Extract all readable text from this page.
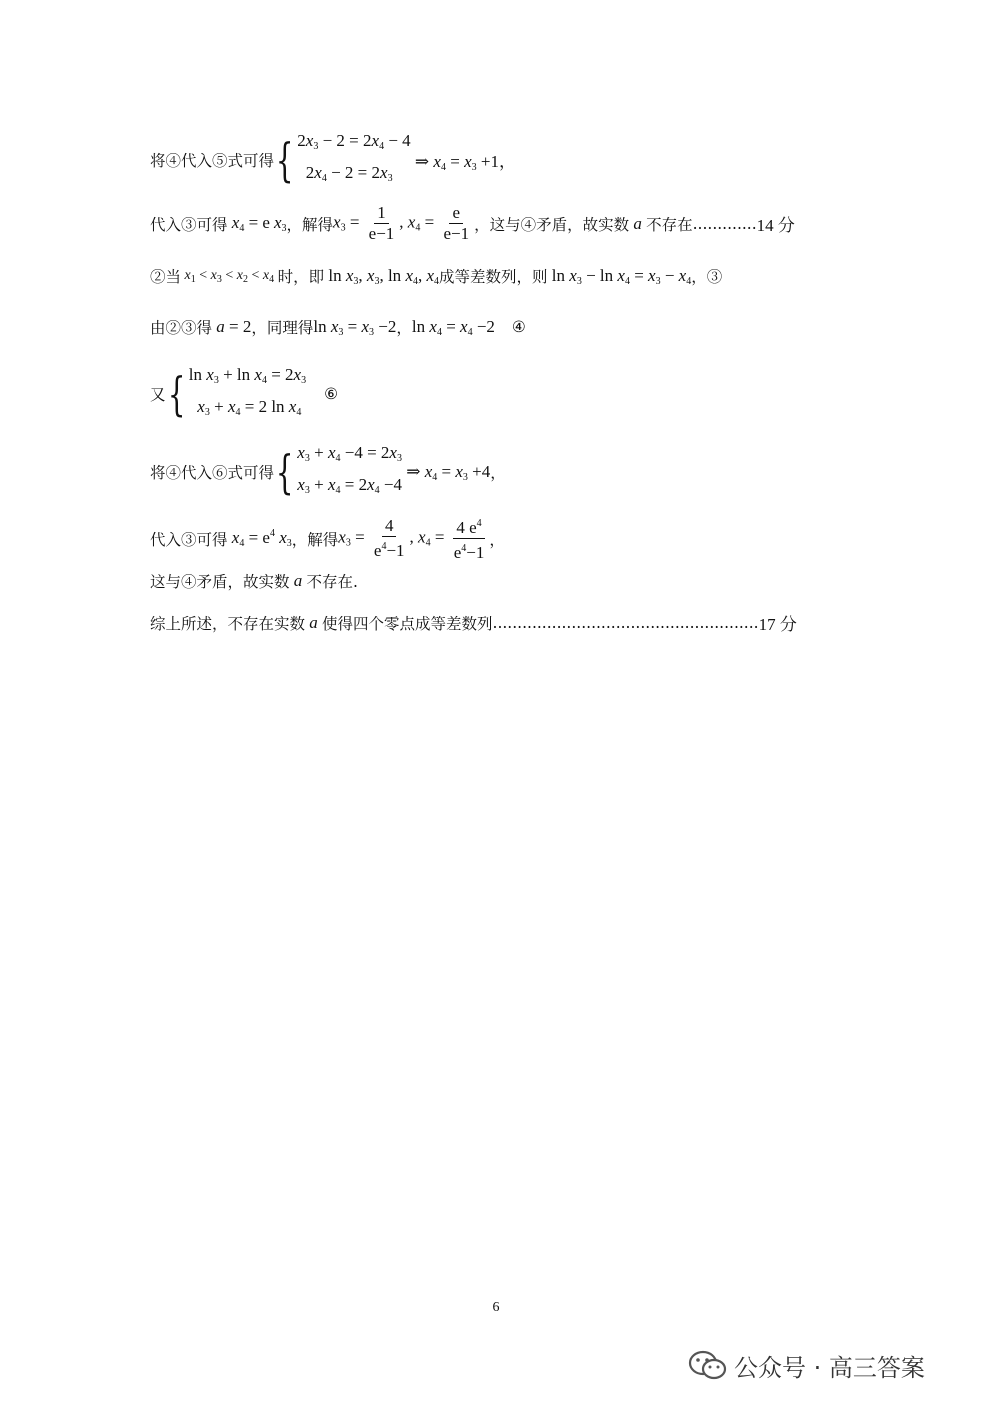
将④代入⑤式可得 { $2x_3 - 2 = 2x_4 - 4$
$2x_4 - 2 = 2x_3$
⇒ $x_4 = x_3 +1$，
代入③可得 $x_4 = e$ $x_3$ ，解得 $x_3 = \frac{1}{e-1}$ , $x_4 = \frac{e}{e-1}$ ，这与④矛盾，故实数 a 不存在 ............. 14 分
②当 $x_1 < x_3 < x_2 < x_4$ 时，即 $\ln x_3$, $x_3$, $\ln x_4$, $x_4$ 成等差数列，则 $\ln x_3 - \ln x_4 = x_3 - x_4$ ，③
由②③得 a = 2 ，同理得 $\ln x_3 = x_3 -2$ ， $\ln x_4 = x_4 -2$ ④
又 { $\ln x_3 + \ln x_4 = 2x_3$
$x_3 + x_4 = 2$ $\ln x_4$
⑥
将④代入⑥式可得 { $x_3 + x_4 -4 = 2x_3$
$x_3 + x_4 = 2x_4 -4$
⇒ $x_4 = x_3 +4$ ，
代入③可得 $x_4 = e^4$ $x_3$ ，解得 $x_3 = \frac{4}{e^4-1}$ , $x_4 = \frac{4 e^4}{e^4-1}$ ，
这与④矛盾，故实数 a 不存在.
综上所述，不存在实数 a 使得四个零点成等差数列 ...................................................... 17 分
6
公众号 · 高三答案
